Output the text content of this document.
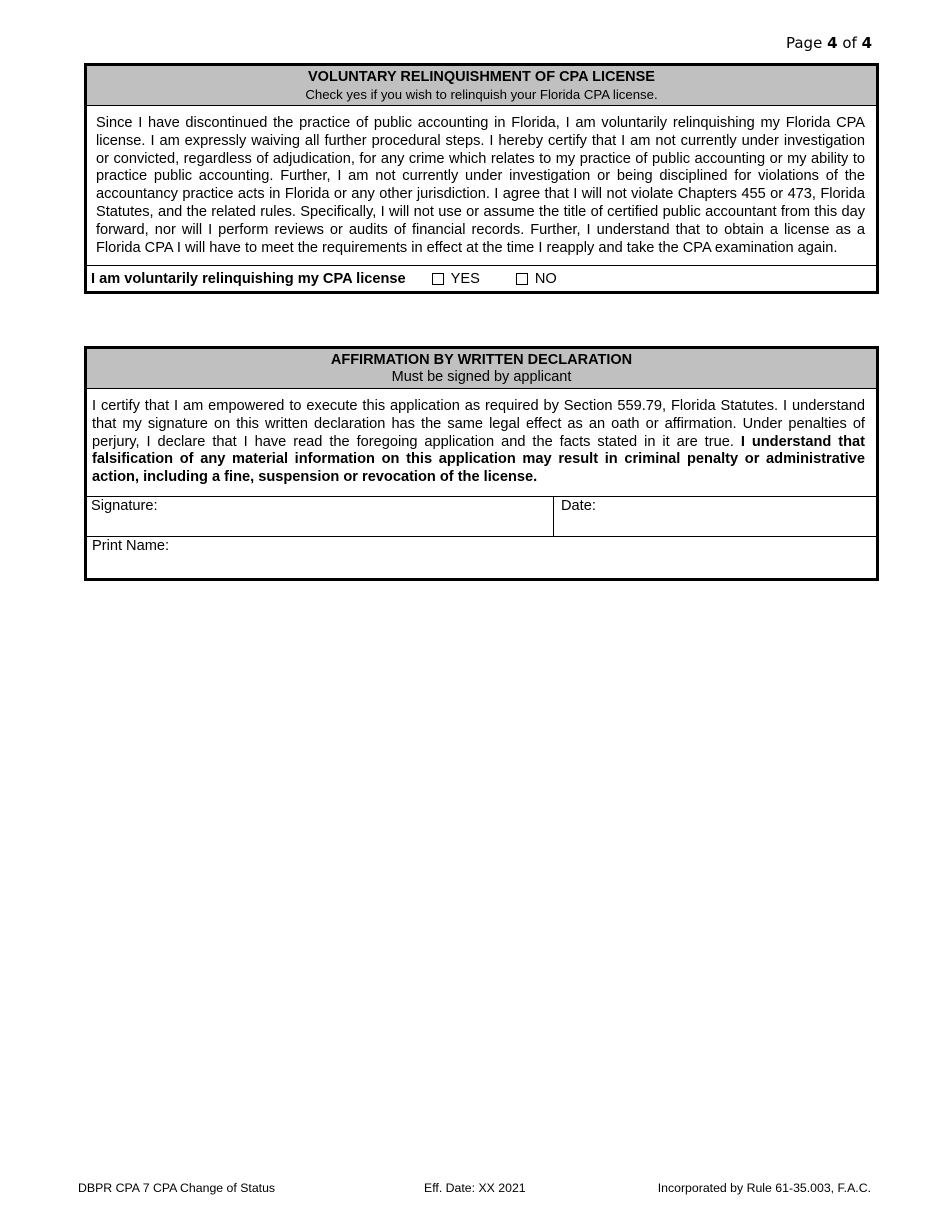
Page 4 of 4
VOLUNTARY RELINQUISHMENT OF CPA LICENSE
Check yes if you wish to relinquish your Florida CPA license.
Since I have discontinued the practice of public accounting in Florida, I am voluntarily relinquishing my Florida CPA license. I am expressly waiving all further procedural steps. I hereby certify that I am not currently under investigation or convicted, regardless of adjudication, for any crime which relates to my practice of public accounting or my ability to practice public accounting. Further, I am not currently under investigation or being disciplined for violations of the accountancy practice acts in Florida or any other jurisdiction. I agree that I will not violate Chapters 455 or 473, Florida Statutes, and the related rules. Specifically, I will not use or assume the title of certified public accountant from this day forward, nor will I perform reviews or audits of financial records. Further, I understand that to obtain a license as a Florida CPA I will have to meet the requirements in effect at the time I reapply and take the CPA examination again.
I am voluntarily relinquishing my CPA license	YES	NO
AFFIRMATION BY WRITTEN DECLARATION
Must be signed by applicant
I certify that I am empowered to execute this application as required by Section 559.79, Florida Statutes. I understand that my signature on this written declaration has the same legal effect as an oath or affirmation. Under penalties of perjury, I declare that I have read the foregoing application and the facts stated in it are true. I understand that falsification of any material information on this application may result in criminal penalty or administrative action, including a fine, suspension or revocation of the license.
Signature:	Date:
Print Name:
DBPR CPA 7 CPA Change of Status	Eff. Date: XX 2021	Incorporated by Rule 61-35.003, F.A.C.
